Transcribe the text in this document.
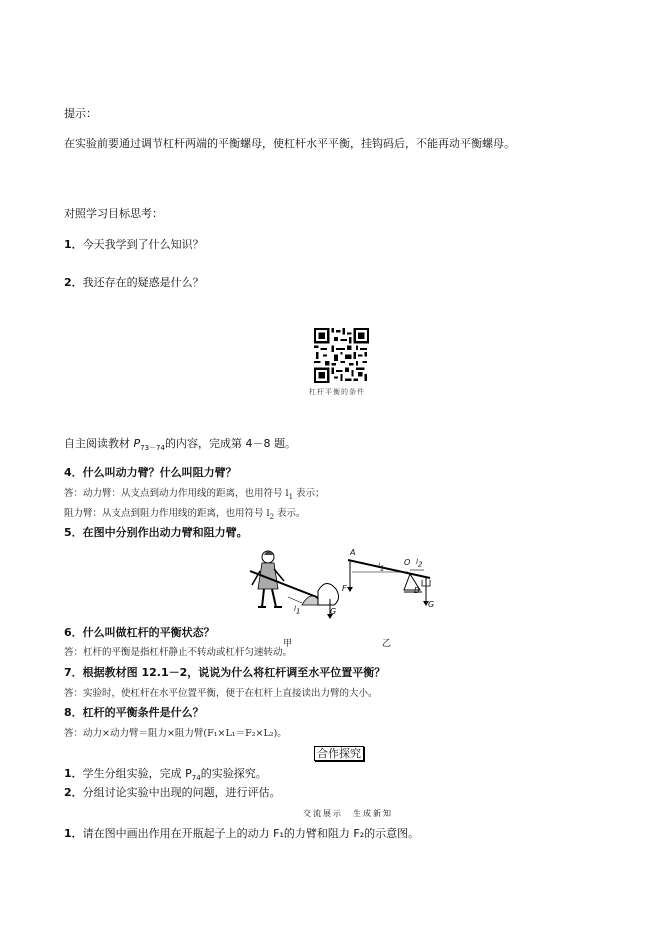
提示：
在实验前要通过调节杠杆两端的平衡螺母，使杠杆水平平衡，挂钩码后，不能再动平衡螺母。
对照学习目标思考：
1．今天我学到了什么知识？
2．我还存在的疑惑是什么？
杠杆平衡的条件
自主阅读教材 $P_{73-74}$的内容，完成第 4－8 题。
4．什么叫动力臂？什么叫阻力臂？
答：动力臂：从支点到动力作用线的距离，也用符号 $l_1$ 表示；
阻力臂：从支点到阻力作用线的距离，也用符号 $l_2$ 表示。
5．在图中分别作出动力臂和阻力臂。
G
$l_1$
甲
A
O
$l_1$
$l_2$
B
F
G
乙
6．什么叫做杠杆的平衡状态？
答：杠杆的平衡是指杠杆静止不转动或杠杆匀速转动。
7．根据教材图 12.1－2，说说为什么将杠杆调至水平位置平衡？
答：实验时，使杠杆在水平位置平衡，便于在杠杆上直接读出力臂的大小。
8．杠杆的平衡条件是什么？
答：动力×动力臂＝阻力×阻力臂(F₁×L₁＝F₂×L₂)。
合作探究
1．学生分组实验，完成 $P_{74}$的实验探究。
2．分组讨论实验中出现的问题，进行评估。
交流展示　生成新知
1．请在图中画出作用在开瓶起子上的动力 F₁的力臂和阻力 F₂的示意图。
